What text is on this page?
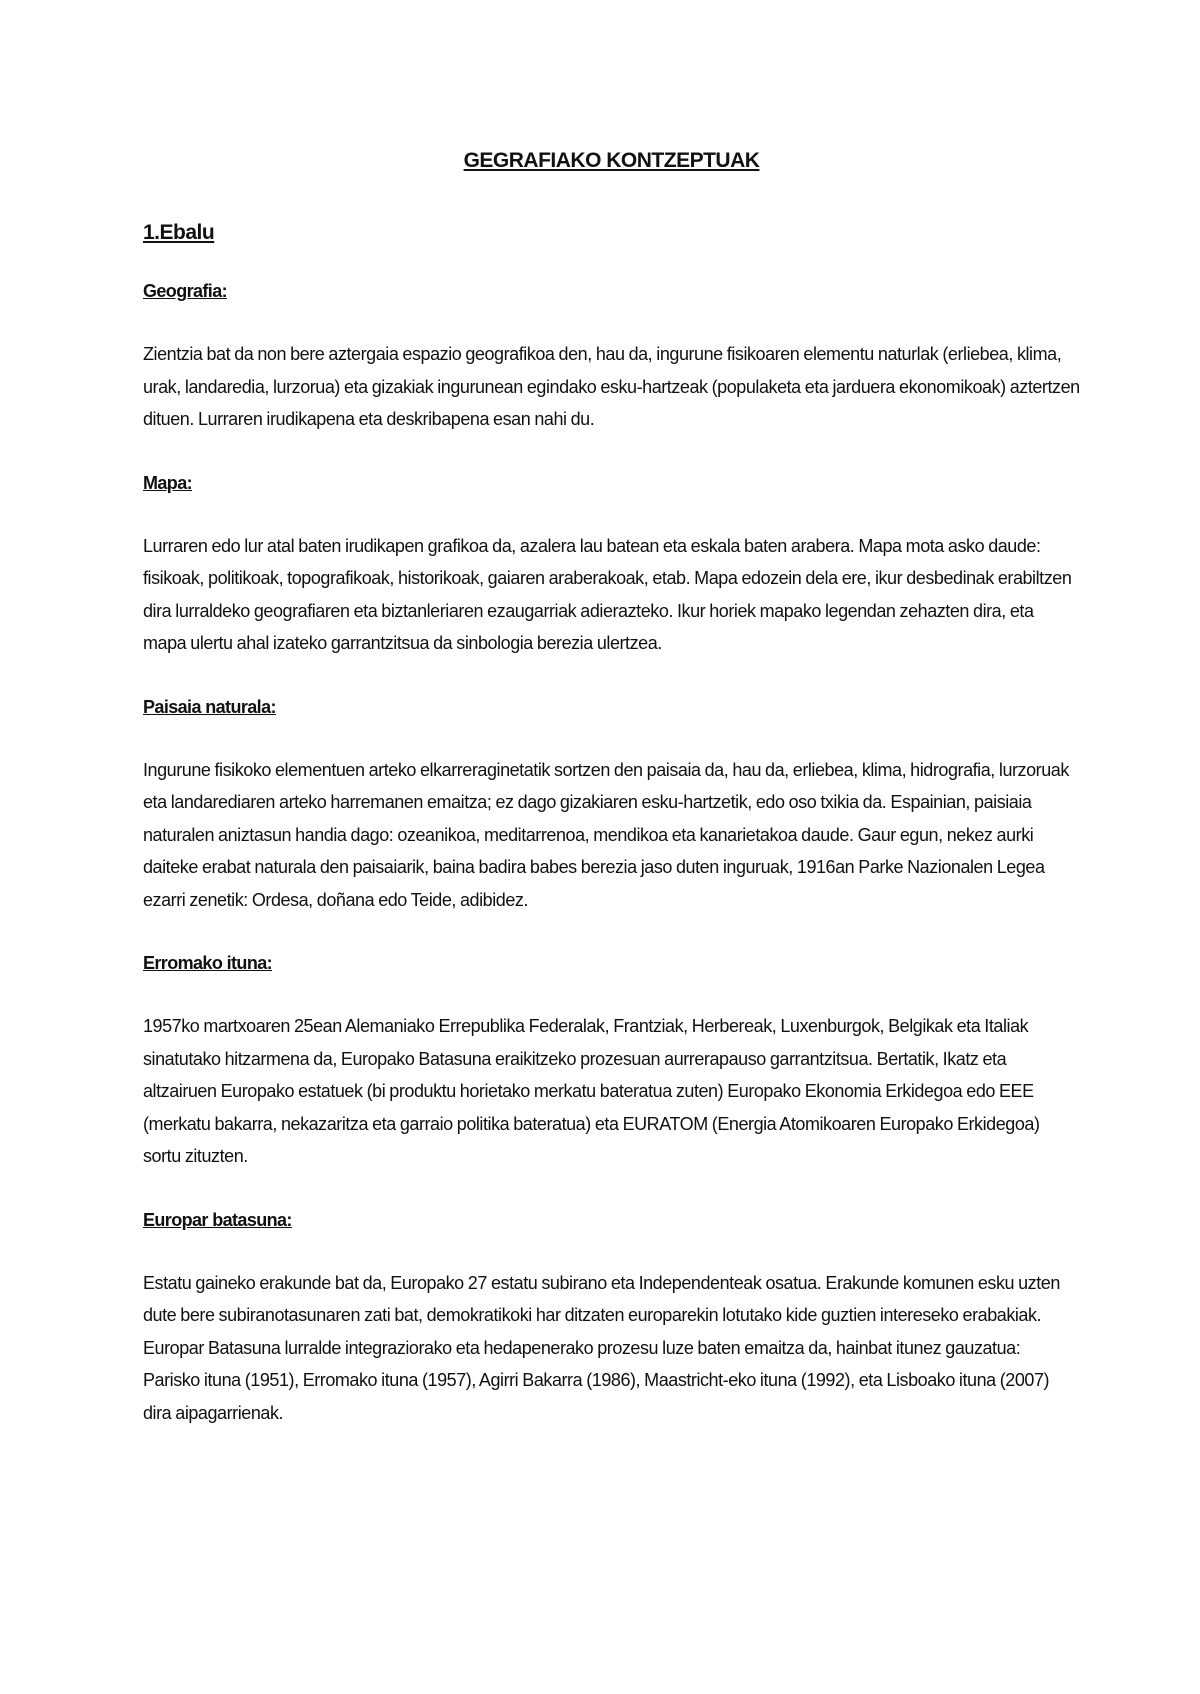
GEGRAFIAKO KONTZEPTUAK
1.Ebalu
Geografia:

Zientzia bat da non bere aztergaia espazio geografikoa den, hau da, ingurune fisikoaren elementu naturlak (erliebea, klima, urak, landaredia, lurzorua) eta gizakiak ingurunean egindako esku-hartzeak (populaketa eta jarduera ekonomikoak) aztertzen dituen. Lurraren irudikapena eta deskribapena esan nahi du.

Mapa:

Lurraren edo lur atal baten irudikapen grafikoa da, azalera lau batean eta eskala baten arabera. Mapa mota asko daude: fisikoak, politikoak, topografikoak, historikoak, gaiaren araberakoak, etab. Mapa edozein dela ere, ikur desbedinak erabiltzen dira lurraldeko geografiaren eta biztanleriaren ezaugarriak adierazteko. Ikur horiek mapako legendan zehazten dira, eta mapa ulertu ahal izateko garrantzitsua da sinbologia berezia ulertzea.

Paisaia naturala:

Ingurune fisikoko elementuen arteko elkarreraginetatik sortzen den paisaia da, hau da, erliebea, klima, hidrografia, lurzoruak eta landarediaren arteko harremanen emaitza; ez dago gizakiaren esku-hartzetik, edo oso txikia da. Espainian, paisiaia naturalen aniztasun handia dago: ozeanikoa, meditarrenoa, mendikoa eta kanarietakoa daude. Gaur egun, nekez aurki daiteke erabat naturala den paisaiarik, baina badira babes berezia jaso duten inguruak, 1916an Parke Nazionalen Legea ezarri zenetik: Ordesa, doñana edo Teide, adibidez.

Erromako ituna:

1957ko martxoaren 25ean Alemaniako Errepublika Federalak, Frantziak, Herbereak, Luxenburgok, Belgikak eta Italiak sinatutako hitzarmena da, Europako Batasuna eraikitzeko prozesuan aurrerapauso garrantzitsua. Bertatik, Ikatz eta altzairuen Europako estatuek (bi produktu horietako merkatu bateratua zuten) Europako Ekonomia Erkidegoa edo EEE (merkatu bakarra, nekazaritza eta garraio politika bateratua) eta EURATOM (Energia Atomikoaren Europako Erkidegoa) sortu zituzten.

Europar batasuna:

Estatu gaineko erakunde bat da, Europako 27 estatu subirano eta Independenteak osatua. Erakunde komunen esku uzten dute bere subiranotasunaren zati bat, demokratikoki har ditzaten europarekin lotutako kide guztien intereseko erabakiak. Europar Batasuna lurralde integraziorako eta hedapenerako prozesu luze baten emaitza da, hainbat itunez gauzatua: Parisko ituna (1951), Erromako ituna (1957), Agirri Bakarra (1986), Maastricht-eko ituna (1992), eta Lisboako ituna (2007) dira aipagarrienak.
